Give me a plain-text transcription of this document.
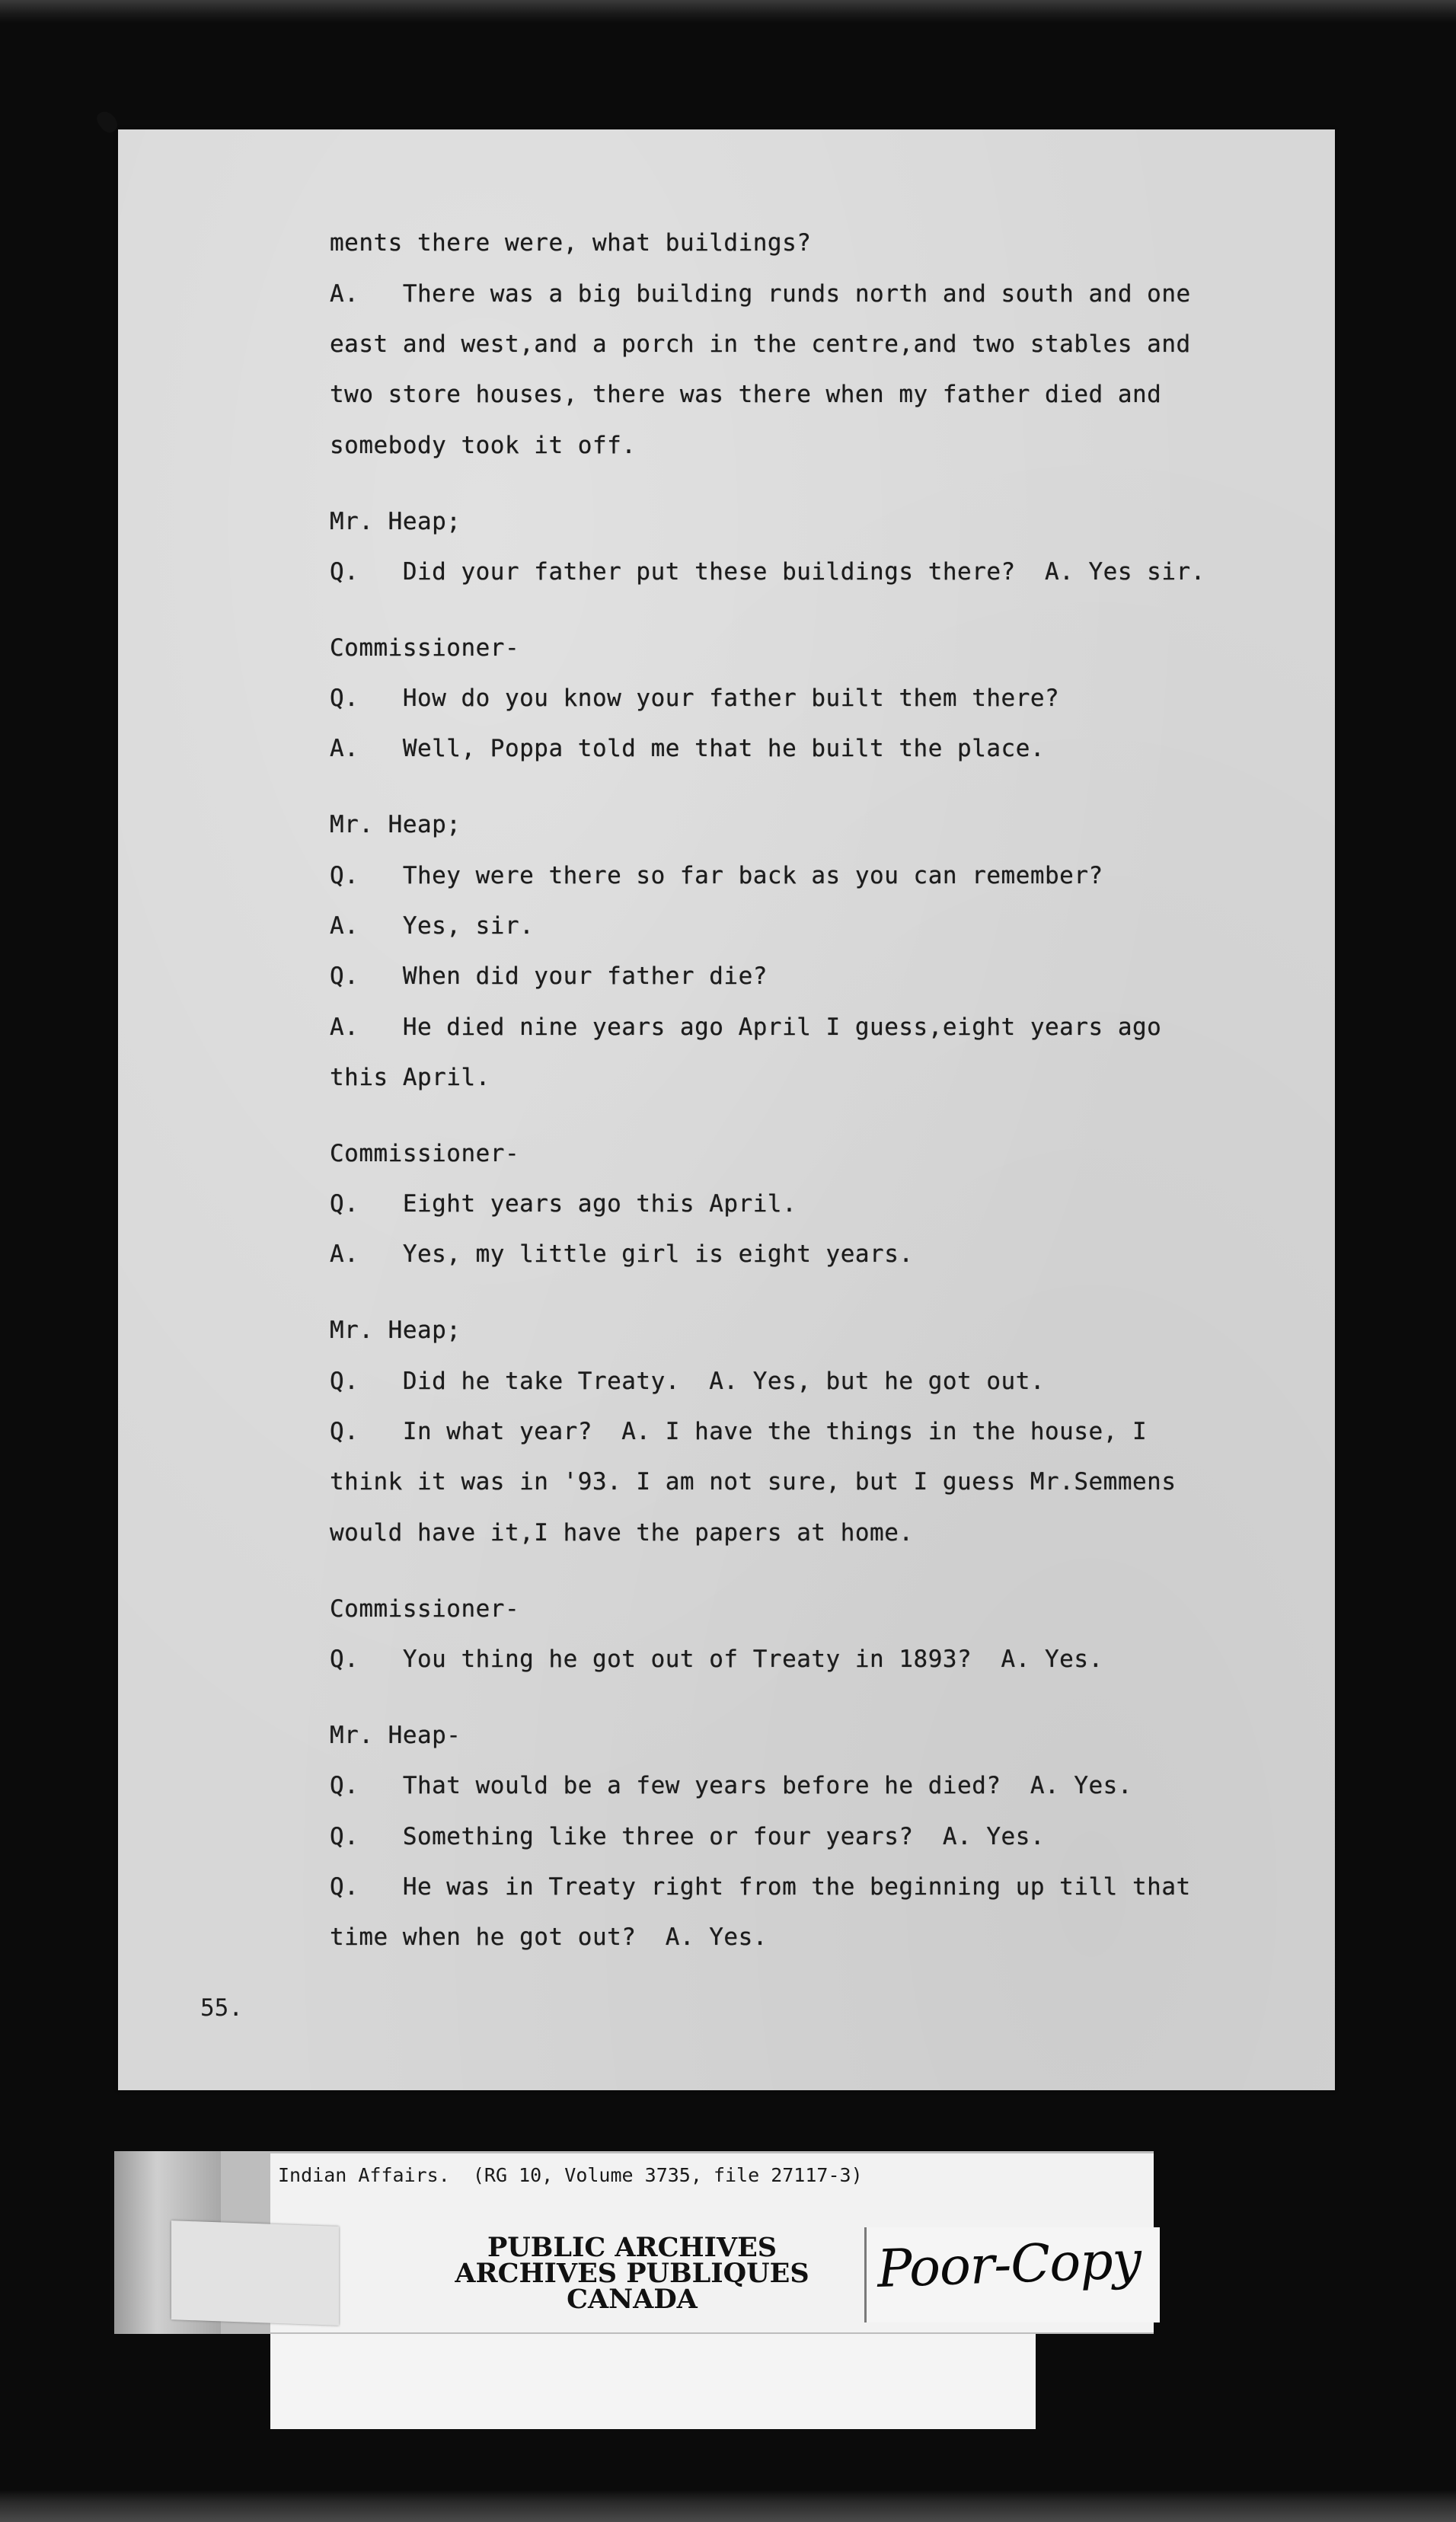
ments there were, what buildings?
A.   There was a big building runds north and south and one
east and west,and a porch in the centre,and two stables and
two store houses, there was there when my father died and
somebody took it off.
Mr. Heap;
Q.   Did your father put these buildings there?  A. Yes sir.
Commissioner-
Q.   How do you know your father built them there?
A.   Well, Poppa told me that he built the place.
Mr. Heap;
Q.   They were there so far back as you can remember?
A.   Yes, sir.
Q.   When did your father die?
A.   He died nine years ago April I guess,eight years ago
this April.
Commissioner-
Q.   Eight years ago this April.
A.   Yes, my little girl is eight years.
Mr. Heap;
Q.   Did he take Treaty.  A. Yes, but he got out.
Q.   In what year?  A. I have the things in the house, I
think it was in '93. I am not sure, but I guess Mr.Semmens
would have it,I have the papers at home.
Commissioner-
Q.   You thing he got out of Treaty in 1893?  A. Yes.
Mr. Heap-
Q.   That would be a few years before he died?  A. Yes.
Q.   Something like three or four years?  A. Yes.
Q.   He was in Treaty right from the beginning up till that
time when he got out?  A. Yes.
55.
Indian Affairs.  (RG 10, Volume 3735, file 27117-3)
PUBLIC ARCHIVES
ARCHIVES PUBLIQUES
CANADA	Poor-Copy
